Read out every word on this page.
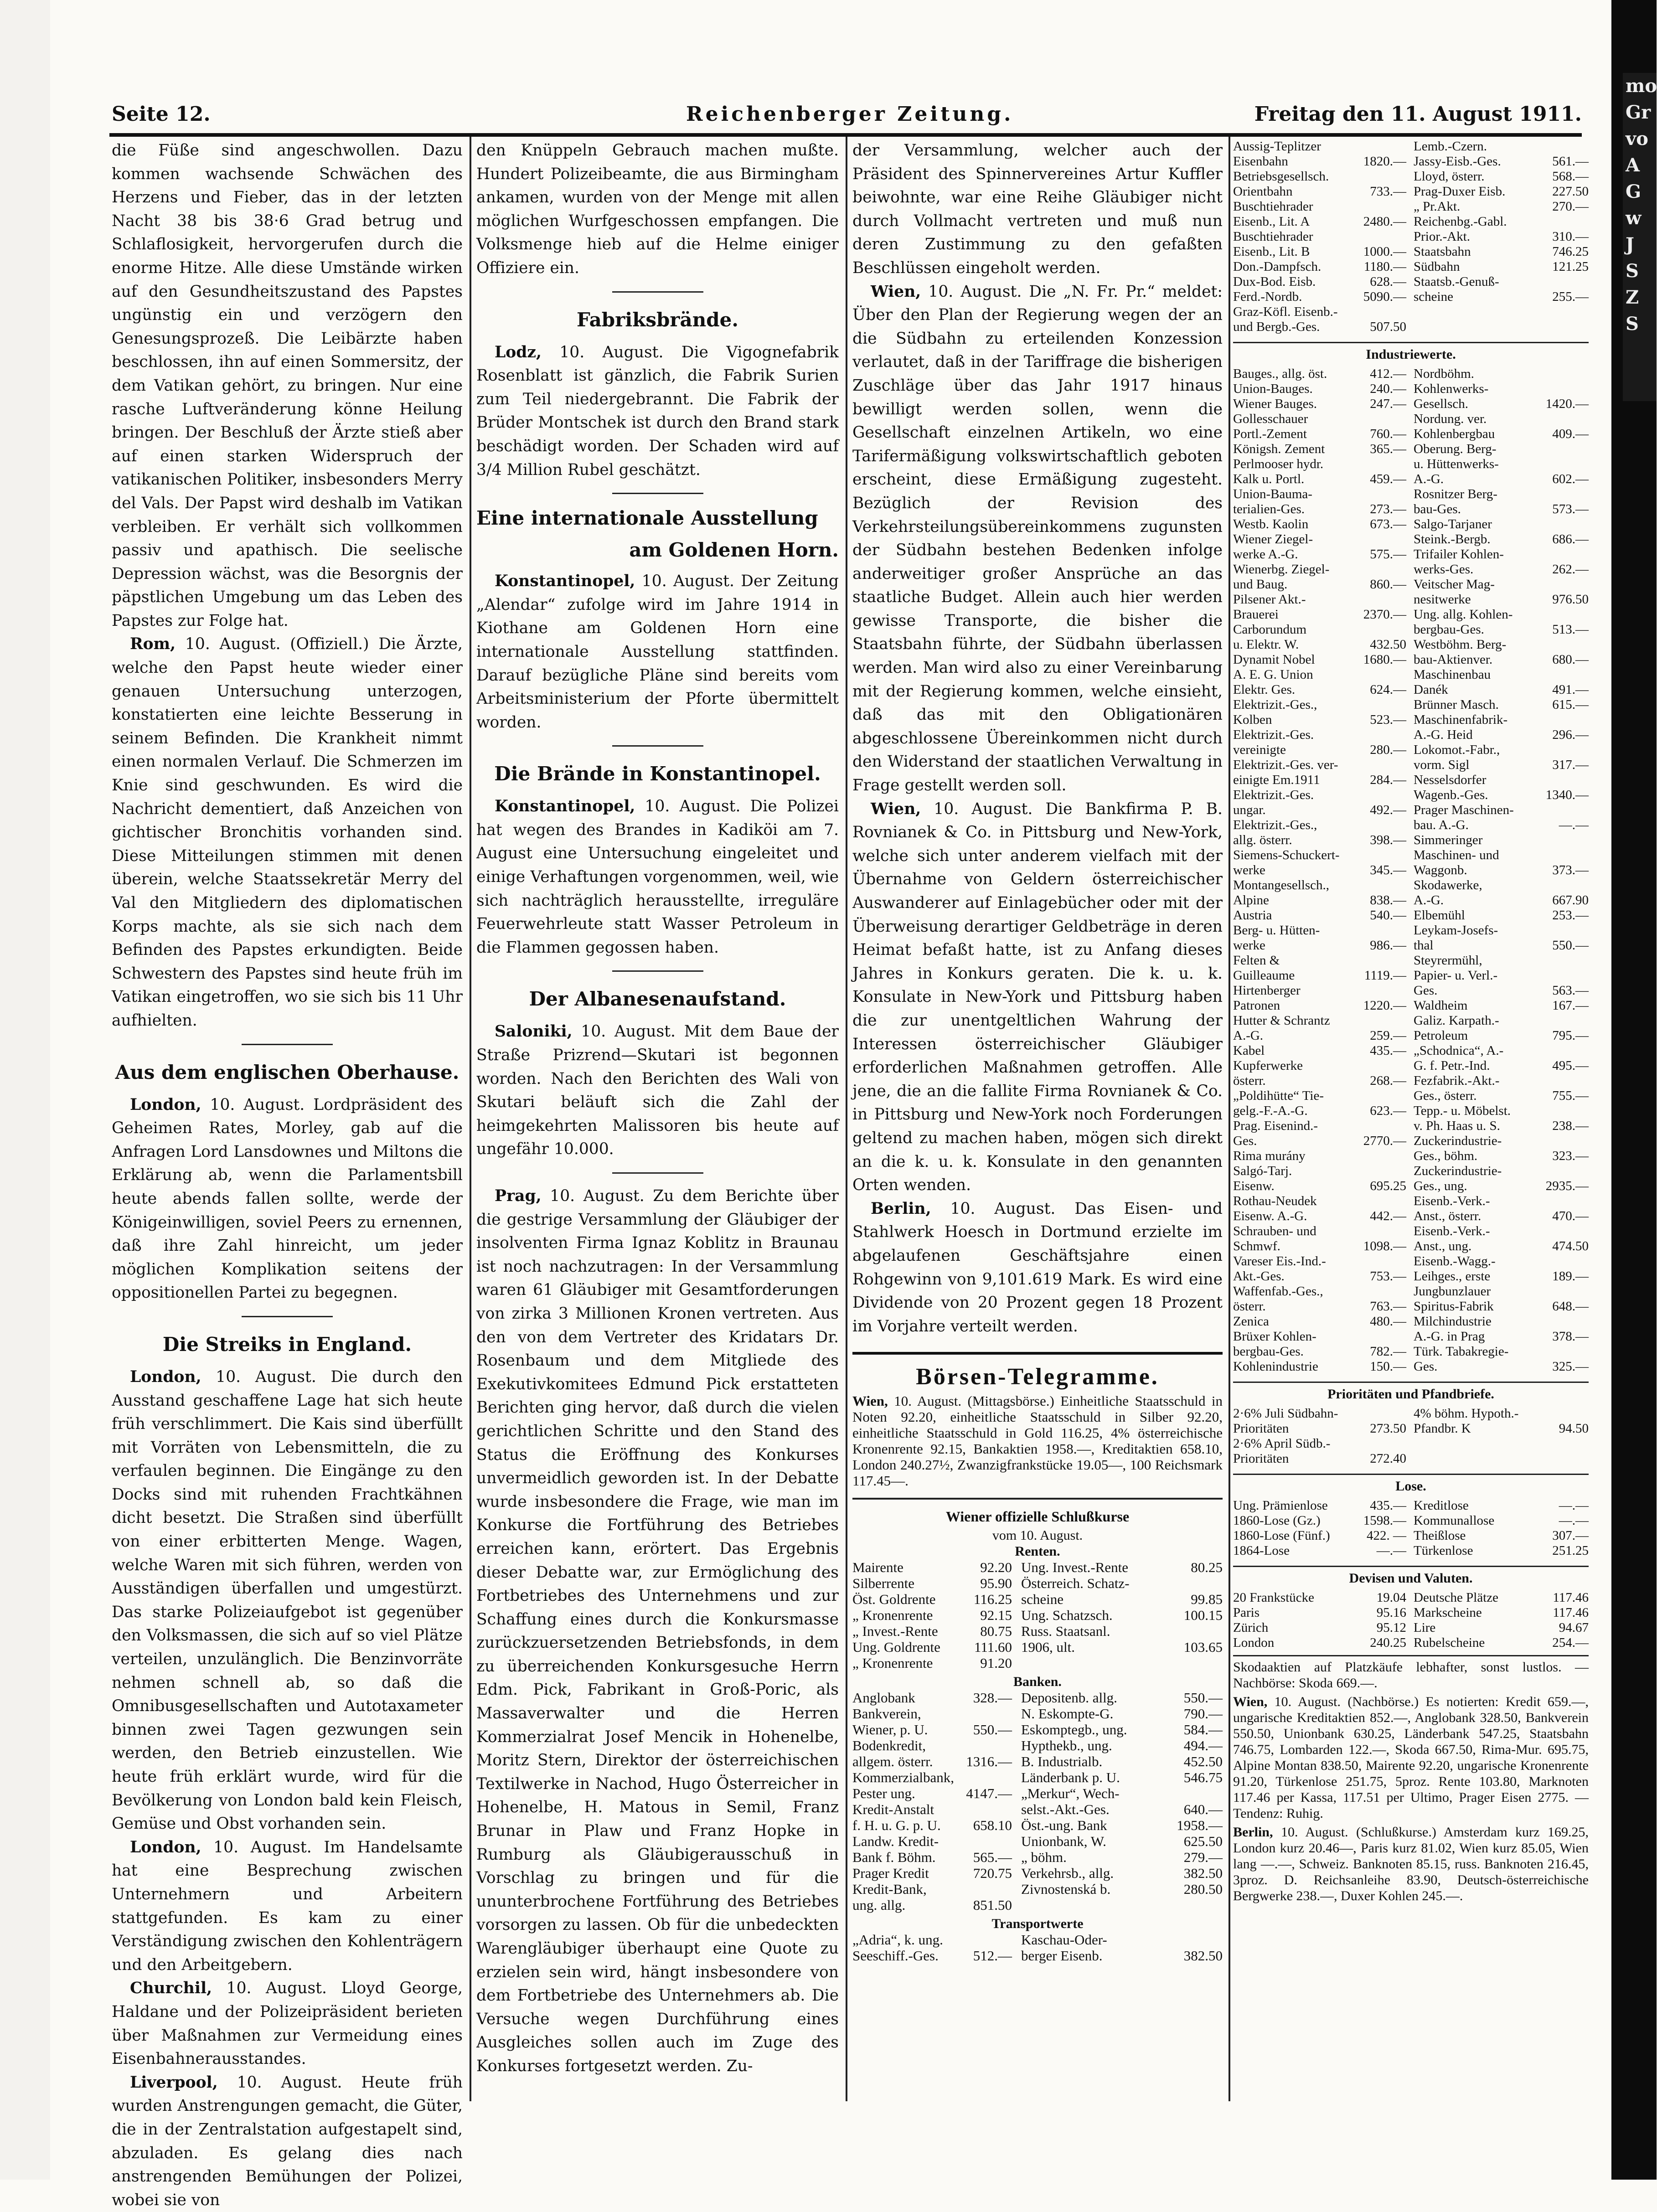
mo
Gr
vo
A
G
w
J
S
Z
S
Seite 12.	Reichenberger Zeitung.	Freitag den 11. August 1911.

die Füße sind angeschwollen. Dazu kommen wachsende Schwächen des Herzens und Fieber, das in der letzten Nacht 38 bis 38·6 Grad betrug und Schlaflosigkeit, hervorgerufen durch die enorme Hitze. Alle diese Umstände wirken auf den Gesundheitszustand des Papstes ungünstig ein und verzögern den Genesungsprozeß. Die Leibärzte haben beschlossen, ihn auf einen Sommersitz, der dem Vatikan gehört, zu bringen. Nur eine rasche Luftveränderung könne Heilung bringen. Der Beschluß der Ärzte stieß aber auf einen starken Widerspruch der vatikanischen Politiker, insbesonders Merry del Vals. Der Papst wird deshalb im Vatikan verbleiben. Er verhält sich vollkommen passiv und apathisch. Die seelische Depression wächst, was die Besorgnis der päpstlichen Umgebung um das Leben des Papstes zur Folge hat.

Rom, 10. August. (Offiziell.) Die Ärzte, welche den Papst heute wieder einer genauen Untersuchung unterzogen, konstatierten eine leichte Besserung in seinem Befinden. Die Krankheit nimmt einen normalen Verlauf. Die Schmerzen im Knie sind geschwunden. Es wird die Nachricht dementiert, daß Anzeichen von gichtischer Bronchitis vorhanden sind. Diese Mitteilungen stimmen mit denen überein, welche Staatssekretär Merry del Val den Mitgliedern des diplomatischen Korps machte, als sie sich nach dem Befinden des Papstes erkundigten. Beide Schwestern des Papstes sind heute früh im Vatikan eingetroffen, wo sie sich bis 11 Uhr aufhielten.

Aus dem englischen Oberhause.

London, 10. August. Lordpräsident des Geheimen Rates, Morley, gab auf die Anfragen Lord Lansdownes und Miltons die Erklärung ab, wenn die Parlamentsbill heute abends fallen sollte, werde der Königeinwilligen, soviel Peers zu ernennen, daß ihre Zahl hinreicht, um jeder möglichen Komplikation seitens der oppositionellen Partei zu begegnen.

Die Streiks in England.

London, 10. August. Die durch den Ausstand geschaffene Lage hat sich heute früh verschlimmert. Die Kais sind überfüllt mit Vorräten von Lebensmitteln, die zu verfaulen beginnen. Die Eingänge zu den Docks sind mit ruhenden Frachtkähnen dicht besetzt. Die Straßen sind überfüllt von einer erbitterten Menge. Wagen, welche Waren mit sich führen, werden von Ausständigen überfallen und umgestürzt. Das starke Polizeiaufgebot ist gegenüber den Volksmassen, die sich auf so viel Plätze verteilen, unzulänglich. Die Benzinvorräte nehmen schnell ab, so daß die Omnibusgesellschaften und Autotaxameter binnen zwei Tagen gezwungen sein werden, den Betrieb einzustellen. Wie heute früh erklärt wurde, wird für die Bevölkerung von London bald kein Fleisch, Gemüse und Obst vorhanden sein.

London, 10. August. Im Handelsamte hat eine Besprechung zwischen Unternehmern und Arbeitern stattgefunden. Es kam zu einer Verständigung zwischen den Kohlenträgern und den Arbeitgebern.

Churchil, 10. August. Lloyd George, Haldane und der Polizeipräsident berieten über Maßnahmen zur Vermeidung eines Eisenbahnerausstandes.

Liverpool, 10. August. Heute früh wurden Anstrengungen gemacht, die Güter, die in der Zentralstation aufgestapelt sind, abzuladen. Es gelang dies nach anstrengenden Bemühungen der Polizei, wobei sie von

den Knüppeln Gebrauch machen mußte. Hundert Polizeibeamte, die aus Birmingham ankamen, wurden von der Menge mit allen möglichen Wurfgeschossen empfangen. Die Volksmenge hieb auf die Helme einiger Offiziere ein.

Fabriksbrände.

Lodz, 10. August. Die Vigognefabrik Rosenblatt ist gänzlich, die Fabrik Surien zum Teil niedergebrannt. Die Fabrik der Brüder Montschek ist durch den Brand stark beschädigt worden. Der Schaden wird auf 3/4 Million Rubel geschätzt.

Eine internationale Ausstellung
am Goldenen Horn.

Konstantinopel, 10. August. Der Zeitung „Alendar“ zufolge wird im Jahre 1914 in Kiothane am Goldenen Horn eine internationale Ausstellung stattfinden. Darauf bezügliche Pläne sind bereits vom Arbeitsministerium der Pforte übermittelt worden.

Die Brände in Konstantinopel.

Konstantinopel, 10. August. Die Polizei hat wegen des Brandes in Kadiköi am 7. August eine Untersuchung eingeleitet und einige Verhaftungen vorgenommen, weil, wie sich nachträglich herausstellte, irreguläre Feuerwehrleute statt Wasser Petroleum in die Flammen gegossen haben.

Der Albanesenaufstand.

Saloniki, 10. August. Mit dem Baue der Straße Prizrend—Skutari ist begonnen worden. Nach den Berichten des Wali von Skutari beläuft sich die Zahl der heimgekehrten Malissoren bis heute auf ungefähr 10.000.

Prag, 10. August. Zu dem Berichte über die gestrige Versammlung der Gläubiger der insolventen Firma Ignaz Koblitz in Braunau ist noch nachzutragen: In der Versammlung waren 61 Gläubiger mit Gesamtforderungen von zirka 3 Millionen Kronen vertreten. Aus den von dem Vertreter des Kridatars Dr. Rosenbaum und dem Mitgliede des Exekutivkomitees Edmund Pick erstatteten Berichten ging hervor, daß durch die vielen gerichtlichen Schritte und den Stand des Status die Eröffnung des Konkurses unvermeidlich geworden ist. In der Debatte wurde insbesondere die Frage, wie man im Konkurse die Fortführung des Betriebes erreichen kann, erörtert. Das Ergebnis dieser Debatte war, zur Ermöglichung des Fortbetriebes des Unternehmens und zur Schaffung eines durch die Konkursmasse zurückzuersetzenden Betriebsfonds, in dem zu überreichenden Konkursgesuche Herrn Edm. Pick, Fabrikant in Groß-Poric, als Massaverwalter und die Herren Kommerzialrat Josef Mencik in Hohenelbe, Moritz Stern, Direktor der österreichischen Textilwerke in Nachod, Hugo Österreicher in Hohenelbe, H. Matous in Semil, Franz Brunar in Plaw und Franz Hopke in Rumburg als Gläubigerausschuß in Vorschlag zu bringen und für die ununterbrochene Fortführung des Betriebes vorsorgen zu lassen. Ob für die unbedeckten Warengläubiger überhaupt eine Quote zu erzielen sein wird, hängt insbesondere von dem Fortbetriebe des Unternehmers ab. Die Versuche wegen Durchführung eines Ausgleiches sollen auch im Zuge des Konkurses fortgesetzt werden. Zu-

der Versammlung, welcher auch der Präsident des Spinnervereines Artur Kuffler beiwohnte, war eine Reihe Gläubiger nicht durch Vollmacht vertreten und muß nun deren Zustimmung zu den gefaßten Beschlüssen eingeholt werden.

Wien, 10. August. Die „N. Fr. Pr.“ meldet: Über den Plan der Regierung wegen der an die Südbahn zu erteilenden Konzession verlautet, daß in der Tariffrage die bisherigen Zuschläge über das Jahr 1917 hinaus bewilligt werden sollen, wenn die Gesellschaft einzelnen Artikeln, wo eine Tarifermäßigung volkswirtschaftlich geboten erscheint, diese Ermäßigung zugesteht. Bezüglich der Revision des Verkehrsteilungsübereinkommens zugunsten der Südbahn bestehen Bedenken infolge anderweitiger großer Ansprüche an das staatliche Budget. Allein auch hier werden gewisse Transporte, die bisher die Staatsbahn führte, der Südbahn überlassen werden. Man wird also zu einer Vereinbarung mit der Regierung kommen, welche einsieht, daß das mit den Obligationären abgeschlossene Übereinkommen nicht durch den Widerstand der staatlichen Verwaltung in Frage gestellt werden soll.

Wien, 10. August. Die Bankfirma P. B. Rovnianek & Co. in Pittsburg und New-York, welche sich unter anderem vielfach mit der Übernahme von Geldern österreichischer Auswanderer auf Einlagebücher oder mit der Überweisung derartiger Geldbeträge in deren Heimat befaßt hatte, ist zu Anfang dieses Jahres in Konkurs geraten. Die k. u. k. Konsulate in New-York und Pittsburg haben die zur unentgeltlichen Wahrung der Interessen österreichischer Gläubiger erforderlichen Maßnahmen getroffen. Alle jene, die an die fallite Firma Rovnianek & Co. in Pittsburg und New-York noch Forderungen geltend zu machen haben, mögen sich direkt an die k. u. k. Konsulate in den genannten Orten wenden.

Berlin, 10. August. Das Eisen- und Stahlwerk Hoesch in Dortmund erzielte im abgelaufenen Geschäftsjahre einen Rohgewinn von 9,101.619 Mark. Es wird eine Dividende von 20 Prozent gegen 18 Prozent im Vorjahre verteilt werden.

Börsen-Telegramme.

Wien, 10. August. (Mittagsbörse.) Einheitliche Staatsschuld in Noten 92.20, einheitliche Staatsschuld in Silber 92.20, einheitliche Staatsschuld in Gold 116.25, 4% österreichische Kronenrente 92.15, Bankaktien 1958.—, Kreditaktien 658.10, London 240.27½, Zwanzigfrankstücke 19.05—, 100 Reichsmark 117.45—.

Wiener offizielle Schlußkurse
vom 10. August.
Renten.
Mairente	92.20	Ung. Invest.-Rente	80.25
Silberrente	95.90	Österreich. Schatz-	
Öst. Goldrente	116.25	scheine	99.85
„ Kronenrente	92.15	Ung. Schatzsch.	100.15
„ Invest.-Rente	80.75	Russ. Staatsanl.	
Ung. Goldrente	111.60	1906, ult.	103.65
„ Kronenrente	91.20		
Banken.
Anglobank	328.—	Depositenb. allg.	550.—
Bankverein,		N. Eskompte-G.	790.—
Wiener, p. U.	550.—	Eskomptegb., ung.	584.—
Bodenkredit,		Hypthekb., ung.	494.—
allgem. österr.	1316.—	B. Industrialb.	452.50
Kommerzialbank,		Länderbank p. U.	546.75
Pester ung.	4147.—	„Merkur“, Wech-	
Kredit-Anstalt		selst.-Akt.-Ges.	640.—
f. H. u. G. p. U.	658.10	Öst.-ung. Bank	1958.—
Landw. Kredit-		Unionbank, W.	625.50
Bank f. Böhm.	565.—	„ böhm.	279.—
Prager Kredit	720.75	Verkehrsb., allg.	382.50
Kredit-Bank,		Zivnostenská b.	280.50
ung. allg.	851.50		
Transportwerte
„Adria“, k. ung.		Kaschau-Oder-	
Seeschiff.-Ges.	512.—	berger Eisenb.	382.50
Aussig-Teplitzer		Lemb.-Czern.	
Eisenbahn	1820.—	Jassy-Eisb.-Ges.	561.—
Betriebsgesellsch.		Lloyd, österr.	568.—
Orientbahn	733.—	Prag-Duxer Eisb.	227.50
Buschtiehrader		„ Pr.Akt.	270.—
Eisenb., Lit. A	2480.—	Reichenbg.-Gabl.	
Buschtiehrader		Prior.-Akt.	310.—
Eisenb., Lit. B	1000.—	Staatsbahn	746.25
Don.-Dampfsch.	1180.—	Südbahn	121.25
Dux-Bod. Eisb.	628.—	Staatsb.-Genuß-	
Ferd.-Nordb.	5090.—	scheine	255.—
Graz-Köfl. Eisenb.-			
und Bergb.-Ges.	507.50		
Industriewerte.
Bauges., allg. öst.	412.—	Nordböhm.	
Union-Bauges.	240.—	Kohlenwerks-	
Wiener Bauges.	247.—	Gesellsch.	1420.—
Gollesschauer		Nordung. ver.	
Portl.-Zement	760.—	Kohlenbergbau	409.—
Königsh. Zement	365.—	Oberung. Berg-	
Perlmooser hydr.		u. Hüttenwerks-	
Kalk u. Portl.	459.—	A.-G.	602.—
Union-Bauma-		Rosnitzer Berg-	
terialien-Ges.	273.—	bau-Ges.	573.—
Westb. Kaolin	673.—	Salgo-Tarjaner	
Wiener Ziegel-		Steink.-Bergb.	686.—
werke A.-G.	575.—	Trifailer Kohlen-	
Wienerbg. Ziegel-		werks-Ges.	262.—
und Baug.	860.—	Veitscher Mag-	
Pilsener Akt.-		nesitwerke	976.50
Brauerei	2370.—	Ung. allg. Kohlen-	
Carborundum		bergbau-Ges.	513.—
u. Elektr. W.	432.50	Westböhm. Berg-	
Dynamit Nobel	1680.—	bau-Aktienver.	680.—
A. E. G. Union		Maschinenbau	
Elektr. Ges.	624.—	Danék	491.—
Elektrizit.-Ges.,		Brünner Masch.	615.—
Kolben	523.—	Maschinenfabrik-	
Elektrizit.-Ges.		A.-G. Heid	296.—
vereinigte	280.—	Lokomot.-Fabr.,	
Elektrizit.-Ges. ver-		vorm. Sigl	317.—
einigte Em.1911	284.—	Nesselsdorfer	
Elektrizit.-Ges.		Wagenb.-Ges.	1340.—
ungar.	492.—	Prager Maschinen-	
Elektrizit.-Ges.,		bau. A.-G.	—.—
allg. österr.	398.—	Simmeringer	
Siemens-Schuckert-		Maschinen- und	
werke	345.—	Waggonb.	373.—
Montangesellsch.,		Skodawerke,	
Alpine	838.—	A.-G.	667.90
Austria	540.—	Elbemühl	253.—
Berg- u. Hütten-		Leykam-Josefs-	
werke	986.—	thal	550.—
Felten &		Steyrermühl,	
Guilleaume	1119.—	Papier- u. Verl.-	
Hirtenberger		Ges.	563.—
Patronen	1220.—	Waldheim	167.—
Hutter & Schrantz		Galiz. Karpath.-	
A.-G.	259.—	Petroleum	795.—
Kabel	435.—	„Schodnica“, A.-	
Kupferwerke		G. f. Petr.-Ind.	495.—
österr.	268.—	Fezfabrik.-Akt.-	
„Poldihütte“ Tie-		Ges., österr.	755.—
gelg.-F.-A.-G.	623.—	Tepp.- u. Möbelst.	
Prag. Eisenind.-		v. Ph. Haas u. S.	238.—
Ges.	2770.—	Zuckerindustrie-	
Rima murány		Ges., böhm.	323.—
Salgó-Tarj.		Zuckerindustrie-	
Eisenw.	695.25	Ges., ung.	2935.—
Rothau-Neudek		Eisenb.-Verk.-	
Eisenw. A.-G.	442.—	Anst., österr.	470.—
Schrauben- und		Eisenb.-Verk.-	
Schmwf.	1098.—	Anst., ung.	474.50
Vareser Eis.-Ind.-		Eisenb.-Wagg.-	
Akt.-Ges.	753.—	Leihges., erste	189.—
Waffenfab.-Ges.,		Jungbunzlauer	
österr.	763.—	Spiritus-Fabrik	648.—
Zenica	480.—	Milchindustrie	
Brüxer Kohlen-		A.-G. in Prag	378.—
bergbau-Ges.	782.—	Türk. Tabakregie-	
Kohlenindustrie	150.—	Ges.	325.—
Prioritäten und Pfandbriefe.
2·6% Juli Südbahn-		4% böhm. Hypoth.-	
Prioritäten	273.50	Pfandbr. K	94.50
2·6% April Südb.-			
Prioritäten	272.40		
Lose.
Ung. Prämienlose	435.—	Kreditlose	—.—
1860-Lose (Gz.)	1598.—	Kommunallose	—.—
1860-Lose (Fünf.)	422. —	Theißlose	307.—
1864-Lose	—.—	Türkenlose	251.25
Devisen und Valuten.
20 Frankstücke	19.04	Deutsche Plätze	117.46
Paris	95.16	Markscheine	117.46
Zürich	95.12	Lire	94.67
London	240.25	Rubelscheine	254.—
Skodaaktien auf Platzkäufe lebhafter, sonst lustlos. — Nachbörse: Skoda 669.—.
Wien, 10. August. (Nachbörse.) Es notierten: Kredit 659.—, ungarische Kreditaktien 852.—, Anglobank 328.50, Bankverein 550.50, Unionbank 630.25, Länderbank 547.25, Staatsbahn 746.75, Lombarden 122.—, Skoda 667.50, Rima-Mur. 695.75, Alpine Montan 838.50, Mairente 92.20, ungarische Kronenrente 91.20, Türkenlose 251.75, 5proz. Rente 103.80, Marknoten 117.46 per Kassa, 117.51 per Ultimo, Prager Eisen 2775. — Tendenz: Ruhig.
Berlin, 10. August. (Schlußkurse.) Amsterdam kurz 169.25, London kurz 20.46—, Paris kurz 81.02, Wien kurz 85.05, Wien lang —.—, Schweiz. Banknoten 85.15, russ. Banknoten 216.45, 3proz. D. Reichsanleihe 83.90, Deutsch-österreichische Bergwerke 238.—, Duxer Kohlen 245.—.
